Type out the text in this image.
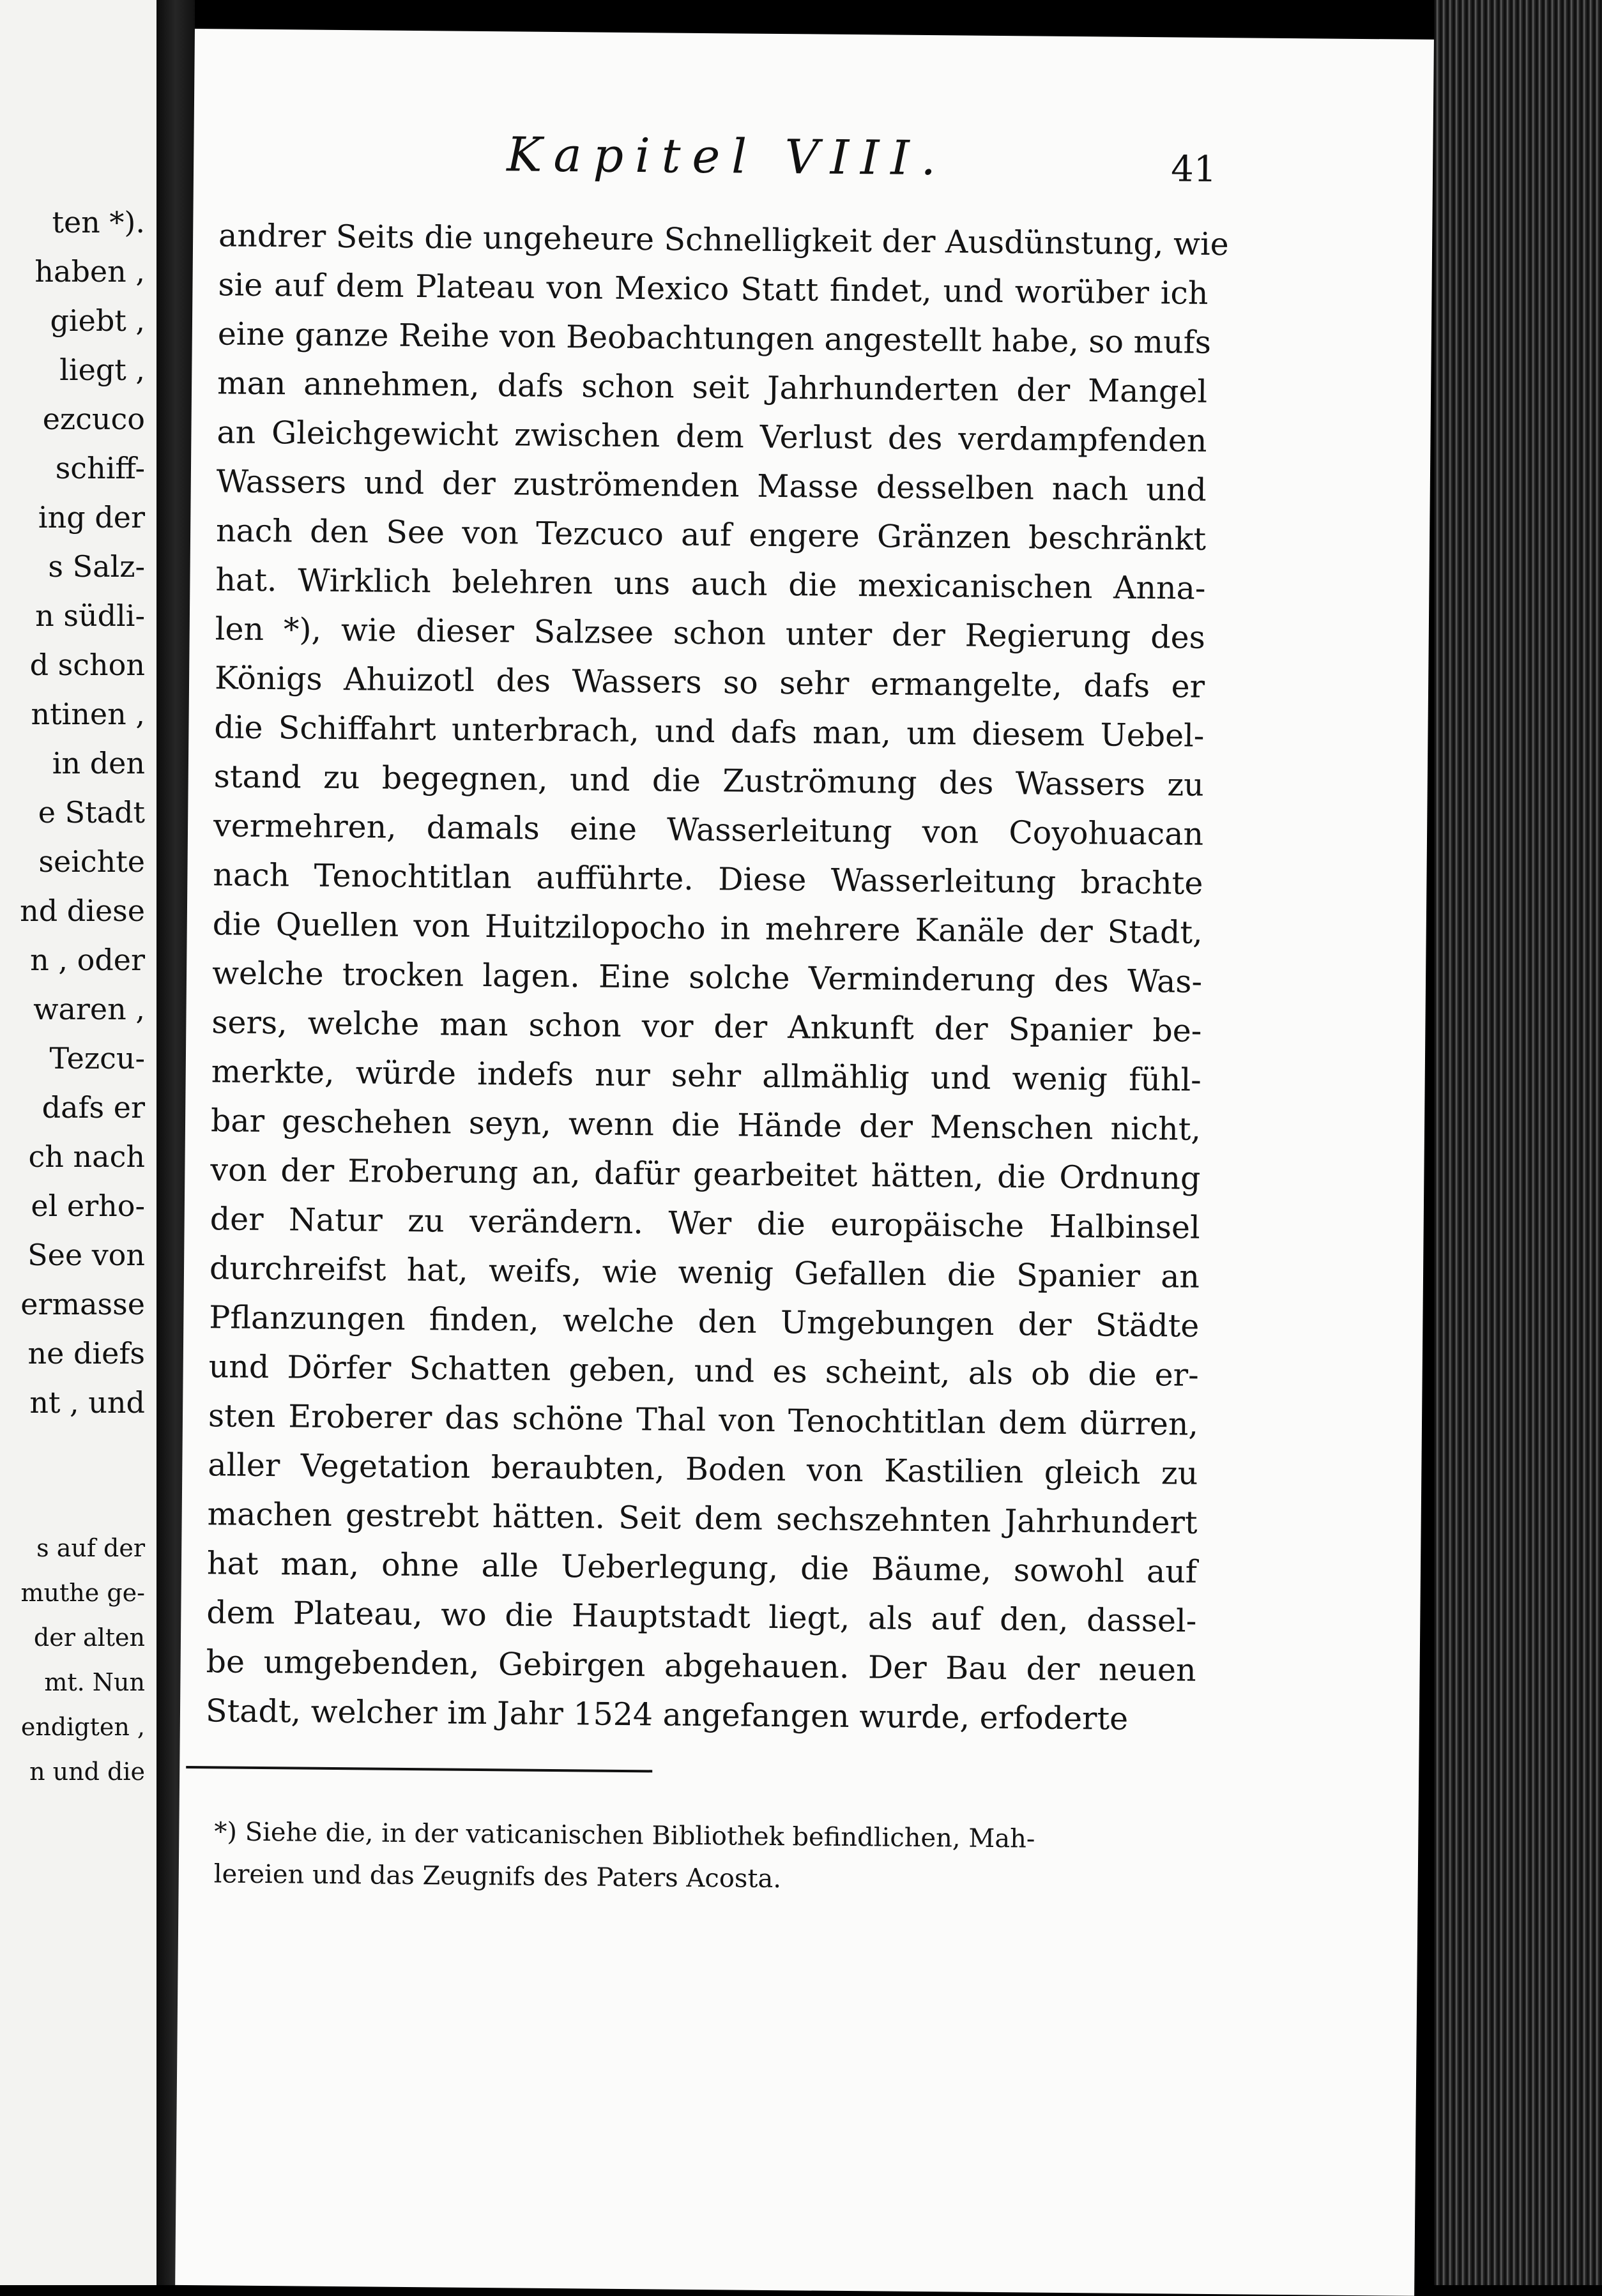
ten *).
haben ,
giebt ,
liegt ,
ezcuco
schiff-
ing der
s Salz-
n südli-
d schon
ntinen ,
in den
e Stadt
seichte
nd diese
n , oder
waren ,
Tezcu-
dafs er
ch nach
el erho-
See von
ermasse
ne diefs
nt , und
s auf der
muthe ge-
der alten
mt. Nun
endigten ,
n und die
Kapitel VIII.	41
andrer Seits die ungeheure Schnelligkeit der Ausdünstung, wie
sie auf dem Plateau von Mexico Statt findet, und worüber ich
eine ganze Reihe von Beobachtungen angestellt habe, so mufs
man annehmen, dafs schon seit Jahrhunderten der Mangel
an Gleichgewicht zwischen dem Verlust des verdampfenden
Wassers und der zuströmenden Masse desselben nach und
nach den See von Tezcuco auf engere Gränzen beschränkt
hat. Wirklich belehren uns auch die mexicanischen Anna-
len *), wie dieser Salzsee schon unter der Regierung des
Königs Ahuizotl des Wassers so sehr ermangelte, dafs er
die Schiffahrt unterbrach, und dafs man, um diesem Uebel-
stand zu begegnen, und die Zuströmung des Wassers zu
vermehren, damals eine Wasserleitung von Coyohuacan
nach Tenochtitlan aufführte. Diese Wasserleitung brachte
die Quellen von Huitzilopocho in mehrere Kanäle der Stadt,
welche trocken lagen. Eine solche Verminderung des Was-
sers, welche man schon vor der Ankunft der Spanier be-
merkte, würde indefs nur sehr allmählig und wenig fühl-
bar geschehen seyn, wenn die Hände der Menschen nicht,
von der Eroberung an, dafür gearbeitet hätten, die Ordnung
der Natur zu verändern. Wer die europäische Halbinsel
durchreifst hat, weifs, wie wenig Gefallen die Spanier an
Pflanzungen finden, welche den Umgebungen der Städte
und Dörfer Schatten geben, und es scheint, als ob die er-
sten Eroberer das schöne Thal von Tenochtitlan dem dürren,
aller Vegetation beraubten, Boden von Kastilien gleich zu
machen gestrebt hätten. Seit dem sechszehnten Jahrhundert
hat man, ohne alle Ueberlegung, die Bäume, sowohl auf
dem Plateau, wo die Hauptstadt liegt, als auf den, dassel-
be umgebenden, Gebirgen abgehauen. Der Bau der neuen
Stadt, welcher im Jahr 1524 angefangen wurde, erfoderte
*) Siehe die, in der vaticanischen Bibliothek befindlichen, Mah-
lereien und das Zeugnifs des Paters Acosta.
